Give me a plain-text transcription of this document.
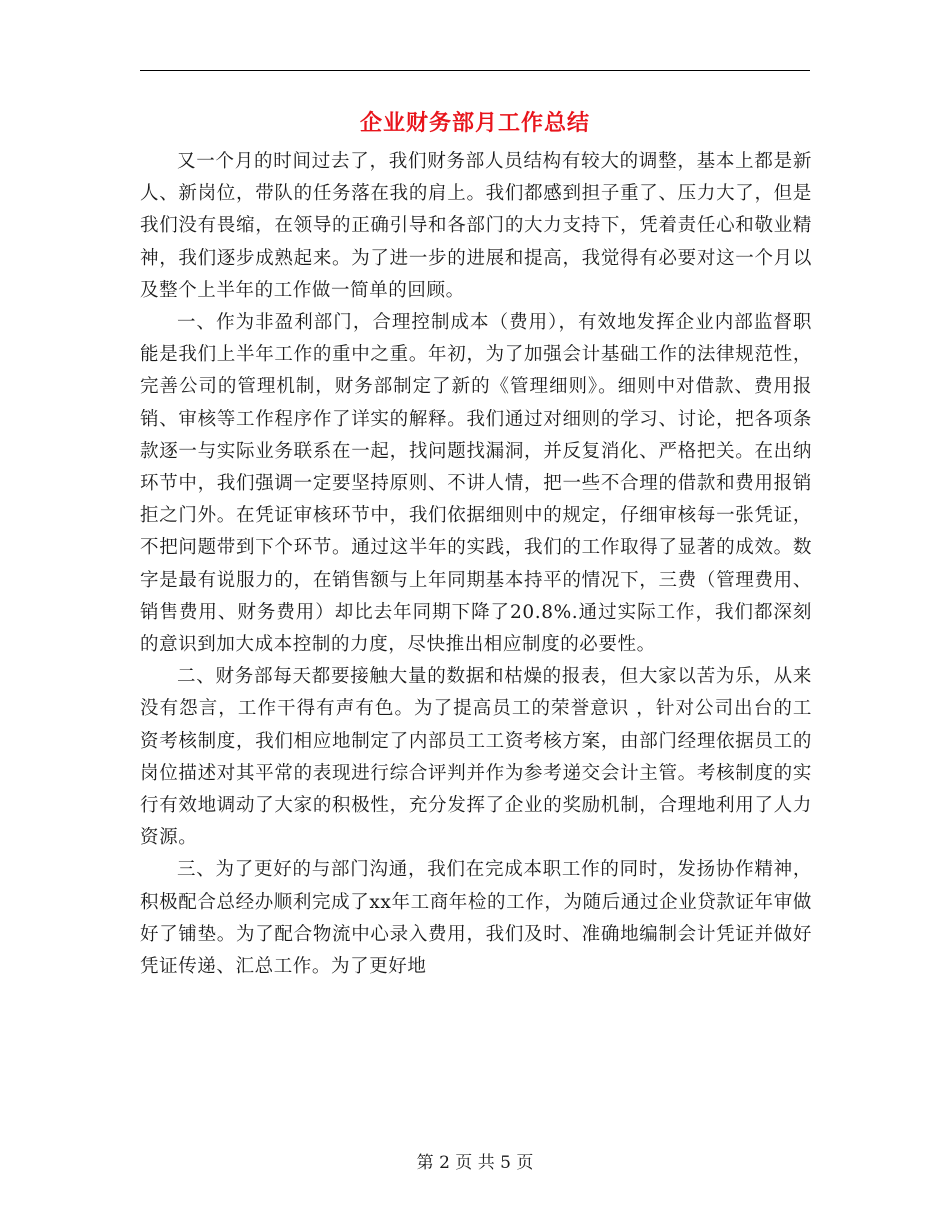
企业财务部月工作总结

又一个月的时间过去了，我们财务部人员结构有较大的调整，基本上都是新人、新岗位，带队的任务落在我的肩上。我们都感到担子重了、压力大了，但是我们没有畏缩，在领导的正确引导和各部门的大力支持下，凭着责任心和敬业精神，我们逐步成熟起来。为了进一步的进展和提高，我觉得有必要对这一个月以及整个上半年的工作做一简单的回顾。

一、作为非盈利部门，合理控制成本（费用），有效地发挥企业内部监督职能是我们上半年工作的重中之重。年初，为了加强会计基础工作的法律规范性，完善公司的管理机制，财务部制定了新的《管理细则》。细则中对借款、费用报销、审核等工作程序作了详实的解释。我们通过对细则的学习、讨论，把各项条款逐一与实际业务联系在一起，找问题找漏洞，并反复消化、严格把关。在出纳环节中，我们强调一定要坚持原则、不讲人情，把一些不合理的借款和费用报销拒之门外。在凭证审核环节中，我们依据细则中的规定，仔细审核每一张凭证，不把问题带到下个环节。通过这半年的实践，我们的工作取得了显著的成效。数字是最有说服力的，在销售额与上年同期基本持平的情况下，三费（管理费用、销售费用、财务费用）却比去年同期下降了20.8%.通过实际工作，我们都深刻的意识到加大成本控制的力度，尽快推出相应制度的必要性。

二、财务部每天都要接触大量的数据和枯燥的报表，但大家以苦为乐，从来没有怨言，工作干得有声有色。为了提高员工的荣誉意识 ，针对公司出台的工资考核制度，我们相应地制定了内部员工工资考核方案，由部门经理依据员工的岗位描述对其平常的表现进行综合评判并作为参考递交会计主管。考核制度的实行有效地调动了大家的积极性，充分发挥了企业的奖励机制，合理地利用了人力资源。

三、为了更好的与部门沟通，我们在完成本职工作的同时，发扬协作精神，积极配合总经办顺利完成了xx年工商年检的工作，为随后通过企业贷款证年审做好了铺垫。为了配合物流中心录入费用，我们及时、准确地编制会计凭证并做好凭证传递、汇总工作。为了更好地

第 2 页 共 5 页
